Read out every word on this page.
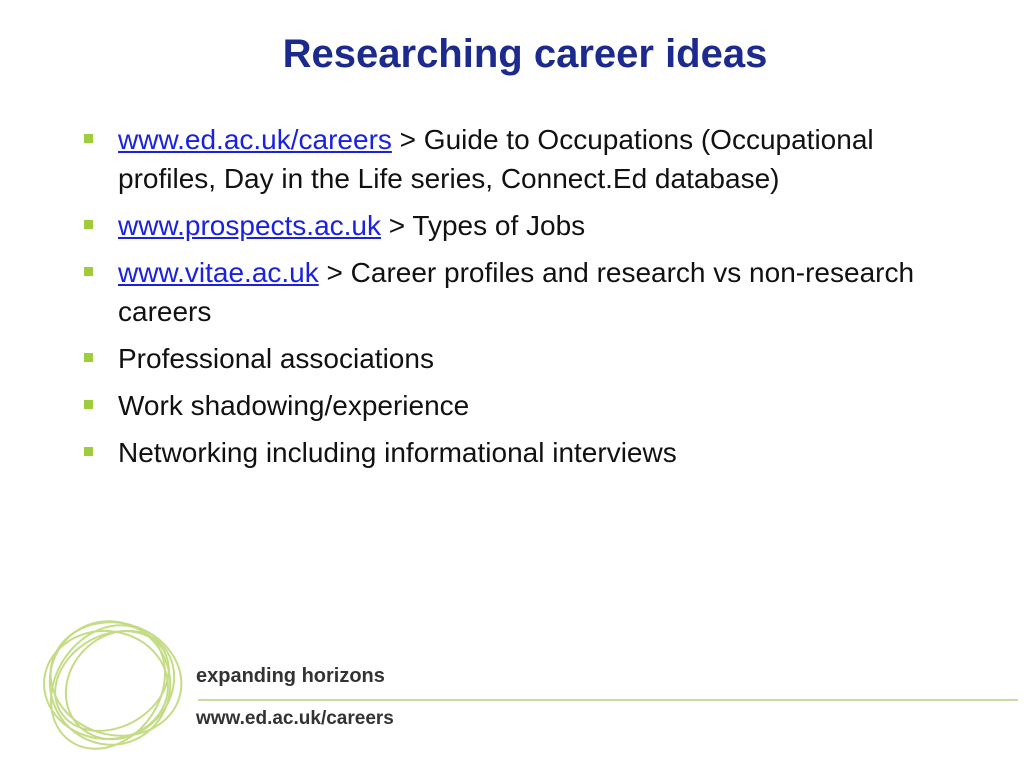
Researching career ideas
www.ed.ac.uk/careers > Guide to Occupations (Occupational profiles, Day in the Life series, Connect.Ed database)
www.prospects.ac.uk > Types of Jobs
www.vitae.ac.uk > Career profiles and research vs non-research careers
Professional associations
Work shadowing/experience
Networking including informational interviews
expanding horizons
www.ed.ac.uk/careers
